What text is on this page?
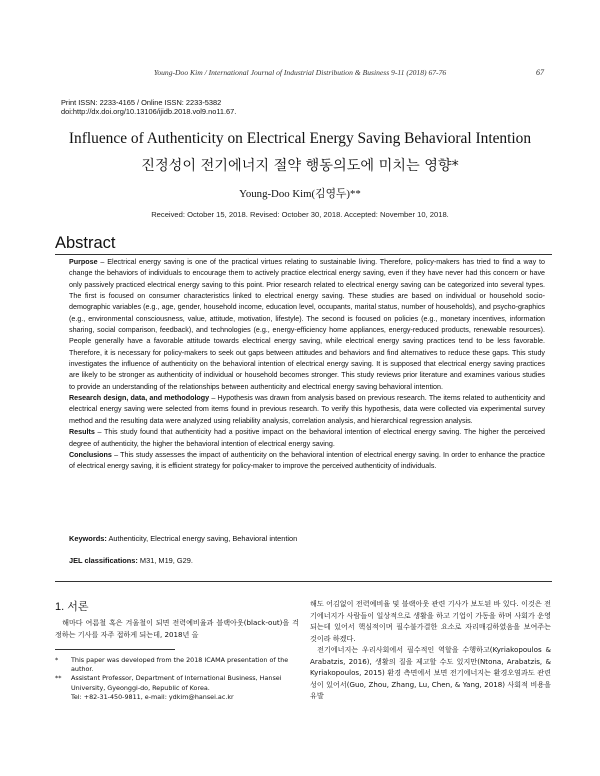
Young-Doo Kim / International Journal of Industrial Distribution & Business 9-11 (2018) 67-76	67
Print ISSN: 2233-4165 / Online ISSN: 2233-5382
doi:http://dx.doi.org/10.13106/ijidb.2018.vol9.no11.67.
Influence of Authenticity on Electrical Energy Saving Behavioral Intention
진정성이 전기에너지 절약 행동의도에 미치는 영향*
Young-Doo Kim(김영두)**
Received: October 15, 2018. Revised: October 30, 2018. Accepted: November 10, 2018.
Abstract

Purpose – Electrical energy saving is one of the practical virtues relating to sustainable living. Therefore, policy-makers has tried to find a way to change the behaviors of individuals to encourage them to actively practice electrical energy saving, even if they have never had this concern or have only passively practiced electrical energy saving to this point. Prior research related to electrical energy saving can be categorized into several types. The first is focused on consumer characteristics linked to electrical energy saving. These studies are based on individual or household socio-demographic variables (e.g., age, gender, household income, education level, occupants, marital status, number of households), and psycho-graphics (e.g., environmental consciousness, value, attitude, motivation, lifestyle). The second is focused on policies (e.g., monetary incentives, information sharing, social comparison, feedback), and technologies (e.g., energy-efficiency home appliances, energy-reduced products, renewable resources). People generally have a favorable attitude towards electrical energy saving, while electrical energy saving practices tend to be less favorable. Therefore, it is necessary for policy-makers to seek out gaps between attitudes and behaviors and find alternatives to reduce these gaps. This study investigates the influence of authenticity on the behavioral intention of electrical energy saving. It is supposed that electrical energy saving practices are likely to be stronger as authenticity of individual or household becomes stronger. This study reviews prior literature and examines various studies to provide an understanding of the relationships between authenticity and electrical energy saving behavioral intention.

Research design, data, and methodology – Hypothesis was drawn from analysis based on previous research. The items related to authenticity and electrical energy saving were selected from items found in previous research. To verify this hypothesis, data were collected via experimental survey method and the resulting data were analyzed using reliability analysis, correlation analysis, and hierarchical regression analysis.

Results – This study found that authenticity had a positive impact on the behavioral intention of electrical energy saving. The higher the perceived degree of authenticity, the higher the behavioral intention of electrical energy saving.

Conclusions – This study assesses the impact of authenticity on the behavioral intention of electrical energy saving. In order to enhance the practice of electrical energy saving, it is efficient strategy for policy-maker to improve the perceived authenticity of individuals.

Keywords: Authenticity, Electrical energy saving, Behavioral intention
JEL classifications: M31, M19, G29.
1. 서론

해마다 여름철 혹은 겨울철이 되면 전력예비율과 블랙아웃(black-out)을 걱정하는 기사를 자주 접하게 되는데, 2018년 올

* This paper was developed from the 2018 ICAMA presentation of the author.
** Assistant Professor, Department of International Business, Hansei University, Gyeonggi-do, Republic of Korea.
Tel: +82-31-450-9811, e-mail: ydkim@hansei.ac.kr

해도 어김없이 전력예비율 및 블랙아웃 관련 기사가 보도된 바 있다. 이것은 전기에너지가 사람들이 일상적으로 생활을 하고 기업이 가동을 하며 사회가 운영되는데 있어서 핵심적이며 필수불가결한 요소로 자리매김하였음을 보여주는 것이라 하겠다.

전기에너지는 우리사회에서 필수적인 역할을 수행하고(Kyriakopoulos & Arabatzis, 2016), 생활의 질을 제고할 수도 있지만(Ntona, Arabatzis, & Kyriakopoulos, 2015) 환경 측면에서 보면 전기에너지는 환경오염과도 관련성이 있어서(Guo, Zhou, Zhang, Lu, Chen, & Yang, 2018) 사회적 비용을 유발
